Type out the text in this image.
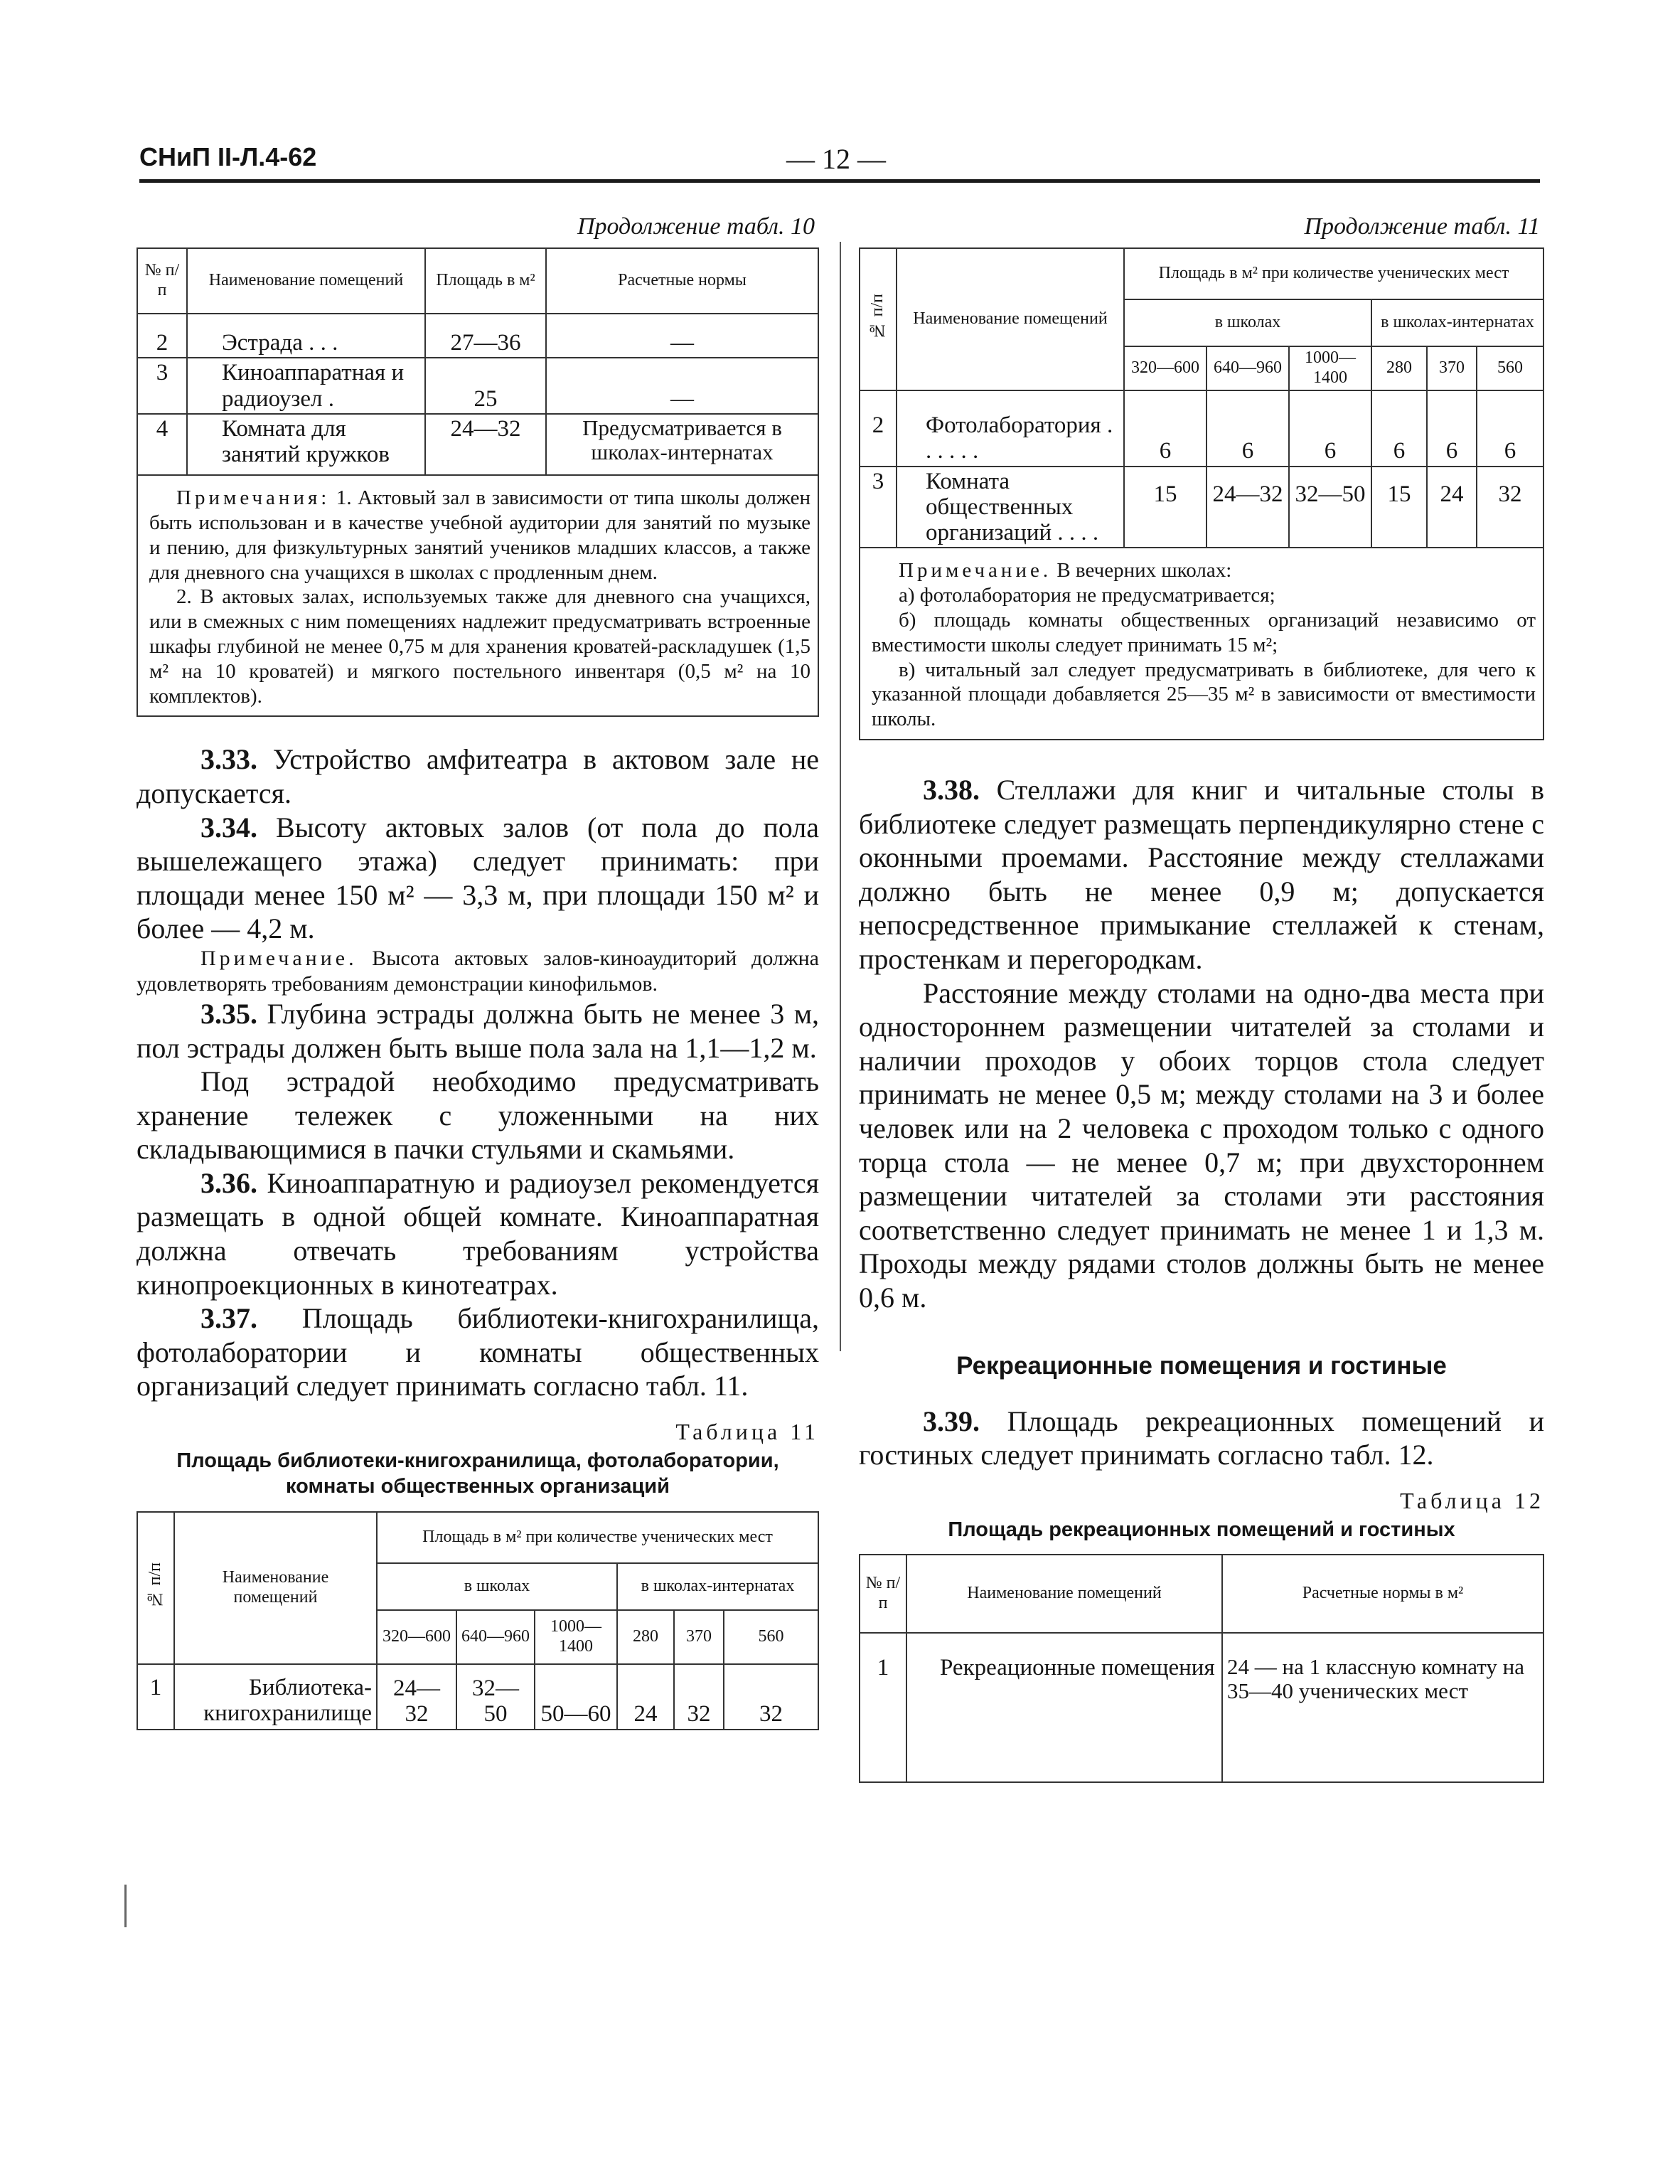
СНиП II-Л.4-62	— 12 —

Продолжение табл. 10

№ п/п	Наименование помещений	Площадь в м²	Расчетные нормы
2	Эстрада . . .	27—36	—
3	Киноаппаратная и радиоузел .	25	—
4	Комната для занятий кружков	24—32	Предусматривается в школах-интернатах

Примечания: 1. Актовый зал в зависимости от типа школы должен быть использован и в качестве учебной аудитории для занятий по музыке и пению, для физкультурных занятий учеников младших классов, а также для дневного сна учащихся в школах с продленным днем.

2. В актовых залах, используемых также для дневного сна учащихся, или в смежных с ним помещениях надлежит предусматривать встроенные шкафы глубиной не менее 0,75 м для хранения кроватей-раскладушек (1,5 м² на 10 кроватей) и мягкого постельного инвентаря (0,5 м² на 10 комплектов).			

3.33. Устройство амфитеатра в актовом зале не допускается.

3.34. Высоту актовых залов (от пола до пола вышележащего этажа) следует принимать: при площади менее 150 м² — 3,3 м, при площади 150 м² и более — 4,2 м.

Примечание. Высота актовых залов-киноаудиторий должна удовлетворять требованиям демонстрации кинофильмов.

3.35. Глубина эстрады должна быть не менее 3 м, пол эстрады должен быть выше пола зала на 1,1—1,2 м.

Под эстрадой необходимо предусматривать хранение тележек с уложенными на них складывающимися в пачки стульями и скамьями.

3.36. Киноаппаратную и радиоузел рекомендуется размещать в одной общей комнате. Киноаппаратная должна отвечать требованиям устройства кинопроекционных в кинотеатрах.

3.37. Площадь библиотеки-книгохранилища, фотолаборатории и комнаты общественных организаций следует принимать согласно табл. 11.

Таблица 11

Площадь библиотеки-книгохранилища, фотолаборатории, комнаты общественных организаций

№ п/п	Наименование помещений	Площадь в м² при количестве ученических мест					
		в школах			в школах-интернатах		
		320—600	640—960	1000—1400	280	370	560
1	Библиотека-книгохранилище	24—32	32—50	50—60	24	32	32

Продолжение табл. 11

№ п/п	Наименование помещений	Площадь в м² при количестве ученических мест					
		в школах			в школах-интернатах		
		320—600	640—960	1000—1400	280	370	560
2	Фотолаборатория . . . . . .	6	6	6	6	6	6
3	Комната общественных организаций . . . .	15	24—32	32—50	15	24	32

Примечание. В вечерних школах:

а) фотолаборатория не предусматривается;

б) площадь комнаты общественных организаций независимо от вместимости школы следует принимать 15 м²;

в) читальный зал следует предусматривать в библиотеке, для чего к указанной площади добавляется 25—35 м² в зависимости от вместимости школы.							

3.38. Стеллажи для книг и читальные столы в библиотеке следует размещать перпендикулярно стене с оконными проемами. Расстояние между стеллажами должно быть не менее 0,9 м; допускается непосредственное примыкание стеллажей к стенам, простенкам и перегородкам.

Расстояние между столами на одно-два места при одностороннем размещении читателей за столами и наличии проходов у обоих торцов стола следует принимать не менее 0,5 м; между столами на 3 и более человек или на 2 человека с проходом только с одного торца стола — не менее 0,7 м; при двухстороннем размещении читателей за столами эти расстояния соответственно следует принимать не менее 1 и 1,3 м. Проходы между рядами столов должны быть не менее 0,6 м.

Рекреационные помещения и гостиные

3.39. Площадь рекреационных помещений и гостиных следует принимать согласно табл. 12.

Таблица 12

Площадь рекреационных помещений и гостиных

№ п/п	Наименование помещений	Расчетные нормы в м²
1	Рекреационные помещения	24 — на 1 классную комнату на 35—40 ученических мест
